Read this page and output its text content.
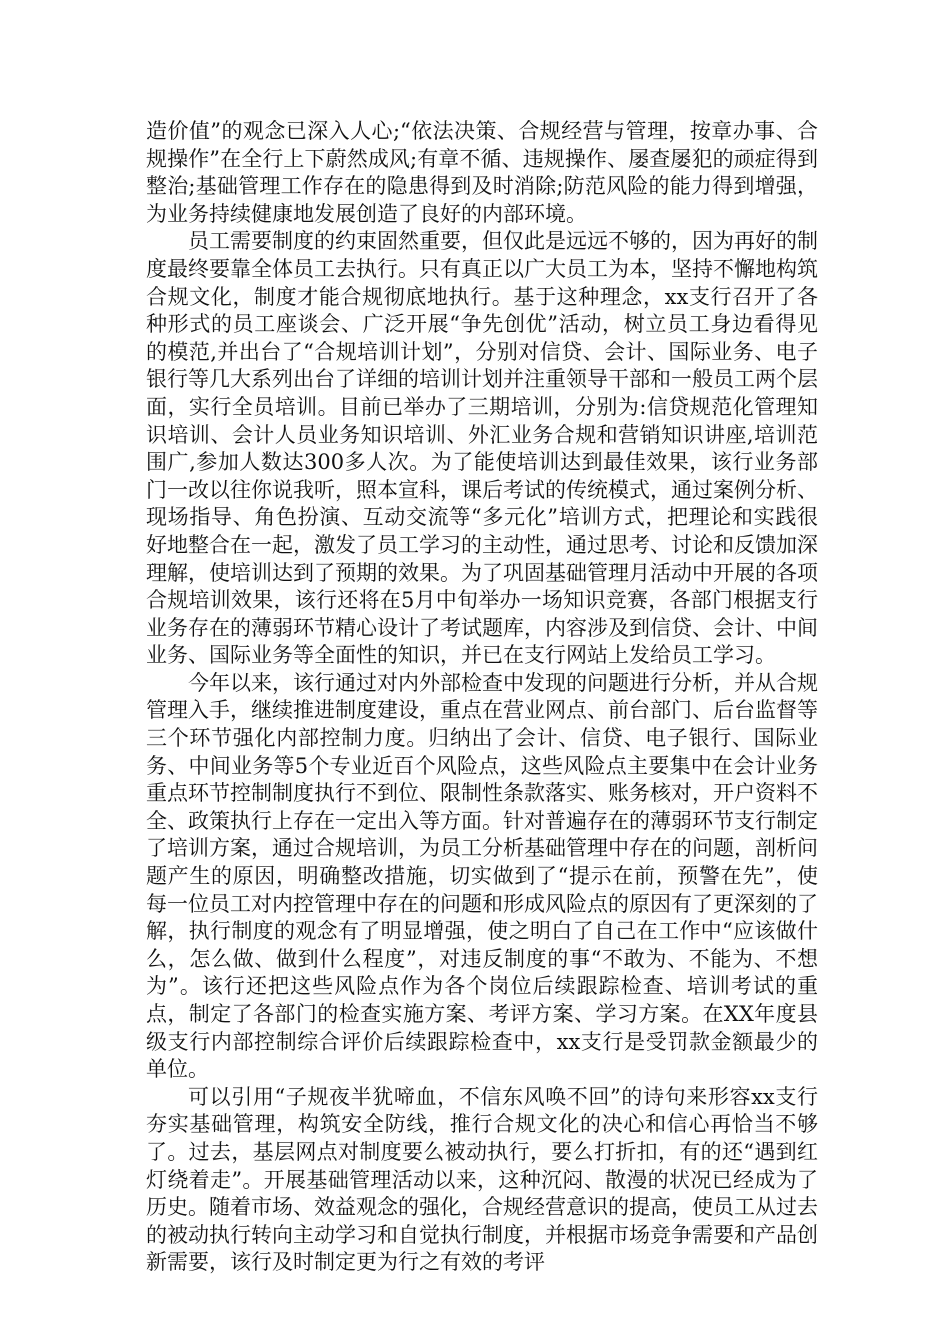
造价值”的观念已深入人心;“依法决策、合规经营与管理，按章办事、合规操作”在全行上下蔚然成风;有章不循、违规操作、屡查屡犯的顽症得到整治;基础管理工作存在的隐患得到及时消除;防范风险的能力得到增强，为业务持续健康地发展创造了良好的内部环境。

员工需要制度的约束固然重要，但仅此是远远不够的，因为再好的制度最终要靠全体员工去执行。只有真正以广大员工为本，坚持不懈地构筑合规文化，制度才能合规彻底地执行。基于这种理念，xx支行召开了各种形式的员工座谈会、广泛开展“争先创优”活动，树立员工身边看得见的模范,并出台了“合规培训计划”，分别对信贷、会计、国际业务、电子银行等几大系列出台了详细的培训计划并注重领导干部和一般员工两个层面，实行全员培训。目前已举办了三期培训，分别为:信贷规范化管理知识培训、会计人员业务知识培训、外汇业务合规和营销知识讲座,培训范围广,参加人数达300多人次。为了能使培训达到最佳效果，该行业务部门一改以往你说我听，照本宣科，课后考试的传统模式，通过案例分析、现场指导、角色扮演、互动交流等“多元化”培训方式，把理论和实践很好地整合在一起，激发了员工学习的主动性，通过思考、讨论和反馈加深理解，使培训达到了预期的效果。为了巩固基础管理月活动中开展的各项合规培训效果，该行还将在5月中旬举办一场知识竞赛，各部门根据支行业务存在的薄弱环节精心设计了考试题库，内容涉及到信贷、会计、中间业务、国际业务等全面性的知识，并已在支行网站上发给员工学习。

今年以来，该行通过对内外部检查中发现的问题进行分析，并从合规管理入手，继续推进制度建设，重点在营业网点、前台部门、后台监督等三个环节强化内部控制力度。归纳出了会计、信贷、电子银行、国际业务、中间业务等5个专业近百个风险点，这些风险点主要集中在会计业务重点环节控制制度执行不到位、限制性条款落实、账务核对，开户资料不全、政策执行上存在一定出入等方面。针对普遍存在的薄弱环节支行制定了培训方案，通过合规培训，为员工分析基础管理中存在的问题，剖析问题产生的原因，明确整改措施，切实做到了“提示在前，预警在先”，使每一位员工对内控管理中存在的问题和形成风险点的原因有了更深刻的了解，执行制度的观念有了明显增强，使之明白了自己在工作中“应该做什么，怎么做、做到什么程度”，对违反制度的事“不敢为、不能为、不想为”。该行还把这些风险点作为各个岗位后续跟踪检查、培训考试的重点，制定了各部门的检查实施方案、考评方案、学习方案。在XX年度县级支行内部控制综合评价后续跟踪检查中，xx支行是受罚款金额最少的单位。

可以引用“子规夜半犹啼血，不信东风唤不回”的诗句来形容xx支行夯实基础管理，构筑安全防线，推行合规文化的决心和信心再恰当不够了。过去，基层网点对制度要么被动执行，要么打折扣，有的还“遇到红灯绕着走”。开展基础管理活动以来，这种沉闷、散漫的状况已经成为了历史。随着市场、效益观念的强化，合规经营意识的提高，使员工从过去的被动执行转向主动学习和自觉执行制度，并根据市场竞争需要和产品创新需要，该行及时制定更为行之有效的考评
